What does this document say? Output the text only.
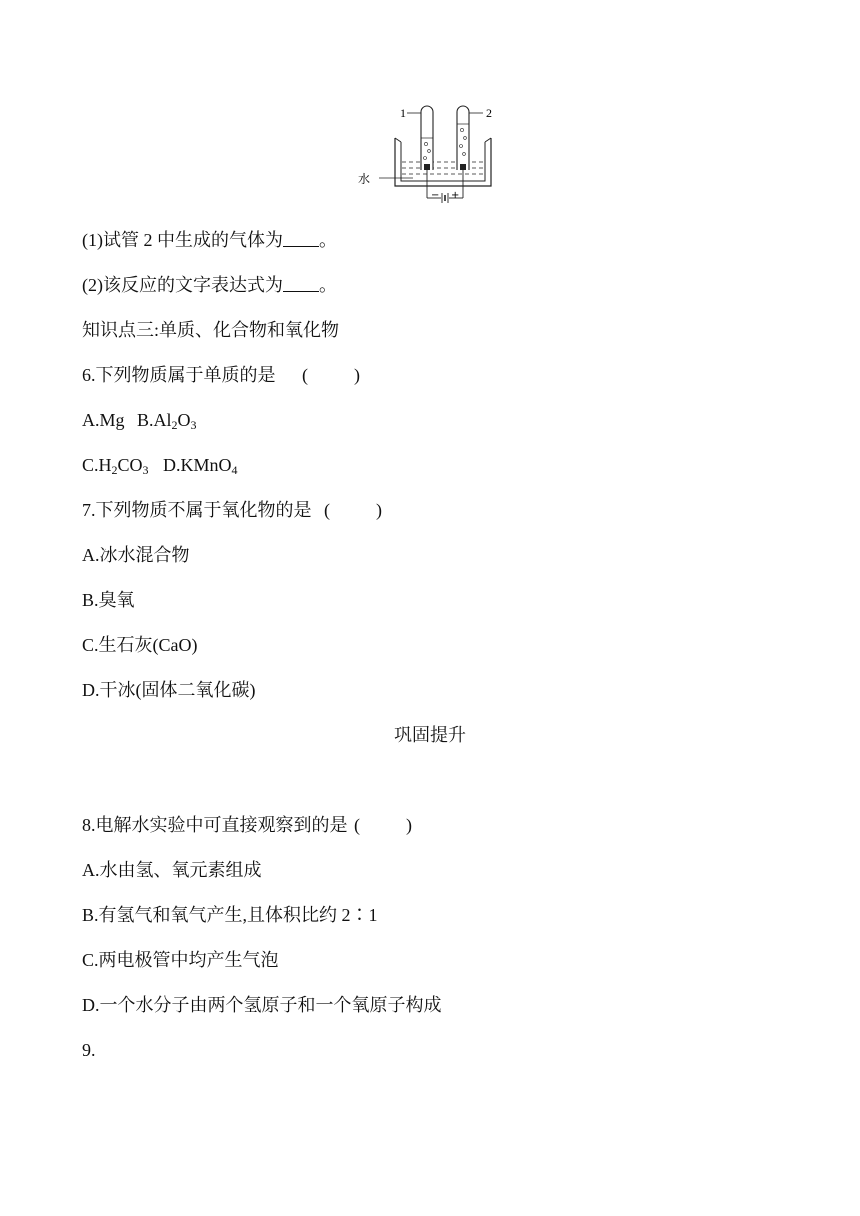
1	2
水
− +
(1)试管 2 中生成的气体为 。
(2)该反应的文字表达式为 。
知识点三:单质、化合物和氧化物
6.下列物质属于单质的是 (	)
A.Mg $B.Al_2O_3$
$C.H_2CO_3$ D.KMnO$_4$
7.下列物质不属于氧化物的是 (	)
A.冰水混合物
B.臭氧
C.生石灰(CaO)
D.干冰(固体二氧化碳)
巩固提升
8.电解水实验中可直接观察到的是 (	)
A.水由氢、氧元素组成
B.有氢气和氧气产生,且体积比约 2∶1
C.两电极管中均产生气泡
D.一个水分子由两个氢原子和一个氧原子构成
9.
